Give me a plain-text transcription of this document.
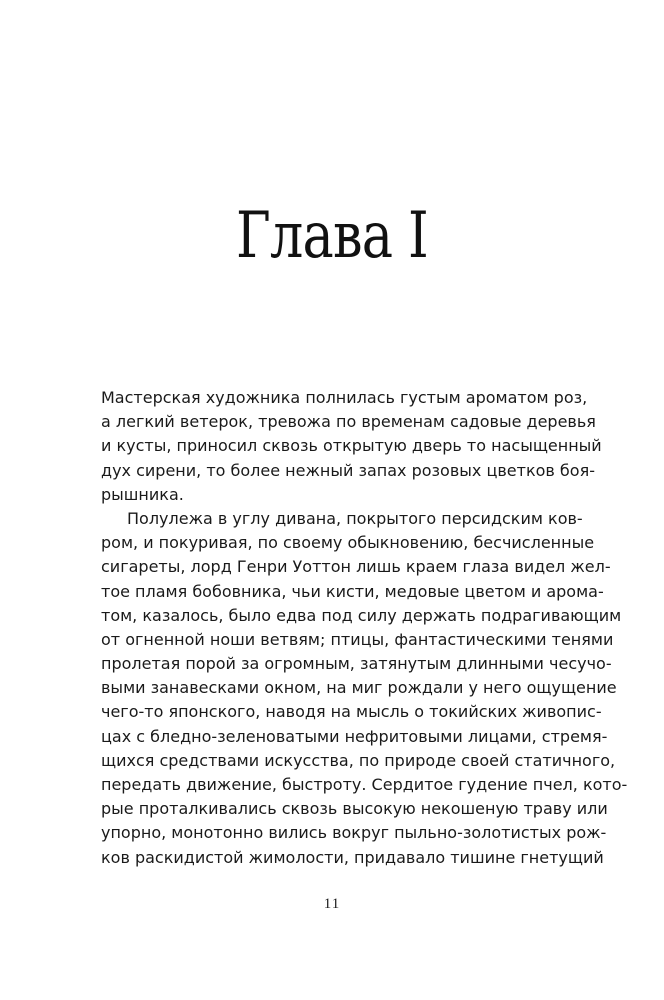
Глава I
Мастерская художника полнилась густым ароматом роз,
а легкий ветерок, тревожа по временам садовые деревья
и кусты, приносил сквозь открытую дверь то насыщенный
дух сирени, то более нежный запах розовых цветков боя-
рышника.
Полулежа в углу дивана, покрытого персидским ков-
ром, и покуривая, по своему обыкновению, бесчисленные
сигареты, лорд Генри Уоттон лишь краем глаза видел жел-
тое пламя бобовника, чьи кисти, медовые цветом и арома-
том, казалось, было едва под силу держать подрагивающим
от огненной ноши ветвям; птицы, фантастическими тенями
пролетая порой за огромным, затянутым длинными чесучо-
выми занавесками окном, на миг рождали у него ощущение
чего-то японского, наводя на мысль о токийских живопис-
цах с бледно-зеленоватыми нефритовыми лицами, стремя-
щихся средствами искусства, по природе своей статичного,
передать движение, быстроту. Сердитое гудение пчел, кото-
рые проталкивались сквозь высокую некошеную траву или
упорно, монотонно вились вокруг пыльно-золотистых рож-
ков раскидистой жимолости, придавало тишине гнетущий
11
